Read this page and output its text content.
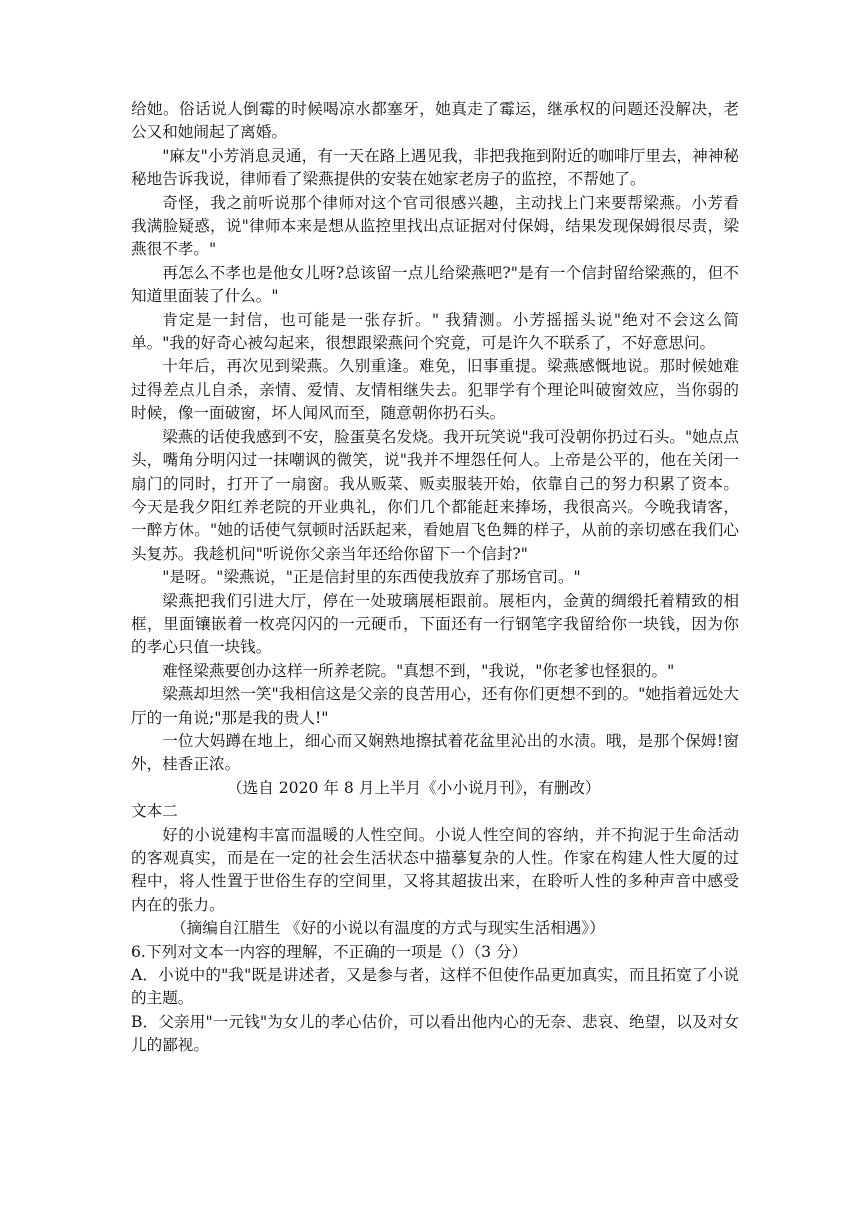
给她。俗话说人倒霉的时候喝凉水都塞牙，她真走了霉运，继承权的问题还没解决，老公又和她闹起了离婚。

"麻友"小芳消息灵通，有一天在路上遇见我，非把我拖到附近的咖啡厅里去，神神秘秘地告诉我说，律师看了梁燕提供的安装在她家老房子的监控，不帮她了。

奇怪，我之前听说那个律师对这个官司很感兴趣，主动找上门来要帮梁燕。小芳看我满脸疑惑，说"律师本来是想从监控里找出点证据对付保姆，结果发现保姆很尽责，梁燕很不孝。"

再怎么不孝也是他女儿呀?总该留一点儿给梁燕吧?"是有一个信封留给梁燕的，但不知道里面装了什么。"

肯定是一封信，也可能是一张存折。" 我猜测。小芳摇摇头说"绝对不会这么简单。"我的好奇心被勾起来，很想跟梁燕问个究竟，可是许久不联系了，不好意思问。

十年后，再次见到梁燕。久别重逢。难免，旧事重提。梁燕感慨地说。那时候她难过得差点儿自杀，亲情、爱情、友情相继失去。犯罪学有个理论叫破窗效应，当你弱的时候，像一面破窗，坏人闻风而至，随意朝你扔石头。

梁燕的话使我感到不安，脸蛋莫名发烧。我开玩笑说"我可没朝你扔过石头。"她点点头，嘴角分明闪过一抹嘲讽的微笑，说"我并不埋怨任何人。上帝是公平的，他在关闭一扇门的同时，打开了一扇窗。我从贩菜、贩卖服装开始，依靠自己的努力积累了资本。今天是我夕阳红养老院的开业典礼，你们几个都能赶来捧场，我很高兴。今晚我请客，一醉方休。"她的话使气氛顿时活跃起来，看她眉飞色舞的样子，从前的亲切感在我们心头复苏。我趁机问"听说你父亲当年还给你留下一个信封?"

"是呀。"梁燕说，"正是信封里的东西使我放弃了那场官司。"

梁燕把我们引进大厅，停在一处玻璃展柜跟前。展柜内，金黄的绸缎托着精致的相框，里面镶嵌着一枚亮闪闪的一元硬币，下面还有一行钢笔字我留给你一块钱，因为你的孝心只值一块钱。

难怪梁燕要创办这样一所养老院。"真想不到，"我说，"你老爹也怪狠的。"

梁燕却坦然一笑"我相信这是父亲的良苦用心，还有你们更想不到的。"她指着远处大厅的一角说;"那是我的贵人!"

一位大妈蹲在地上，细心而又娴熟地擦拭着花盆里沁出的水渍。哦，是那个保姆!窗外，桂香正浓。

（选自 2020 年 8 月上半月《小小说月刊》，有删改）

文本二

好的小说建构丰富而温暖的人性空间。小说人性空间的容纳，并不拘泥于生命活动的客观真实，而是在一定的社会生活状态中描摹复杂的人性。作家在构建人性大厦的过程中，将人性置于世俗生存的空间里，又将其超拔出来，在聆听人性的多种声音中感受内在的张力。

（摘编自江腊生 《好的小说以有温度的方式与现实生活相遇》）

6.下列对文本一内容的理解，不正确的一项是（）（3 分）

A．小说中的"我"既是讲述者，又是参与者，这样不但使作品更加真实，而且拓宽了小说的主题。

B．父亲用"一元钱"为女儿的孝心估价，可以看出他内心的无奈、悲哀、绝望，以及对女儿的鄙视。
